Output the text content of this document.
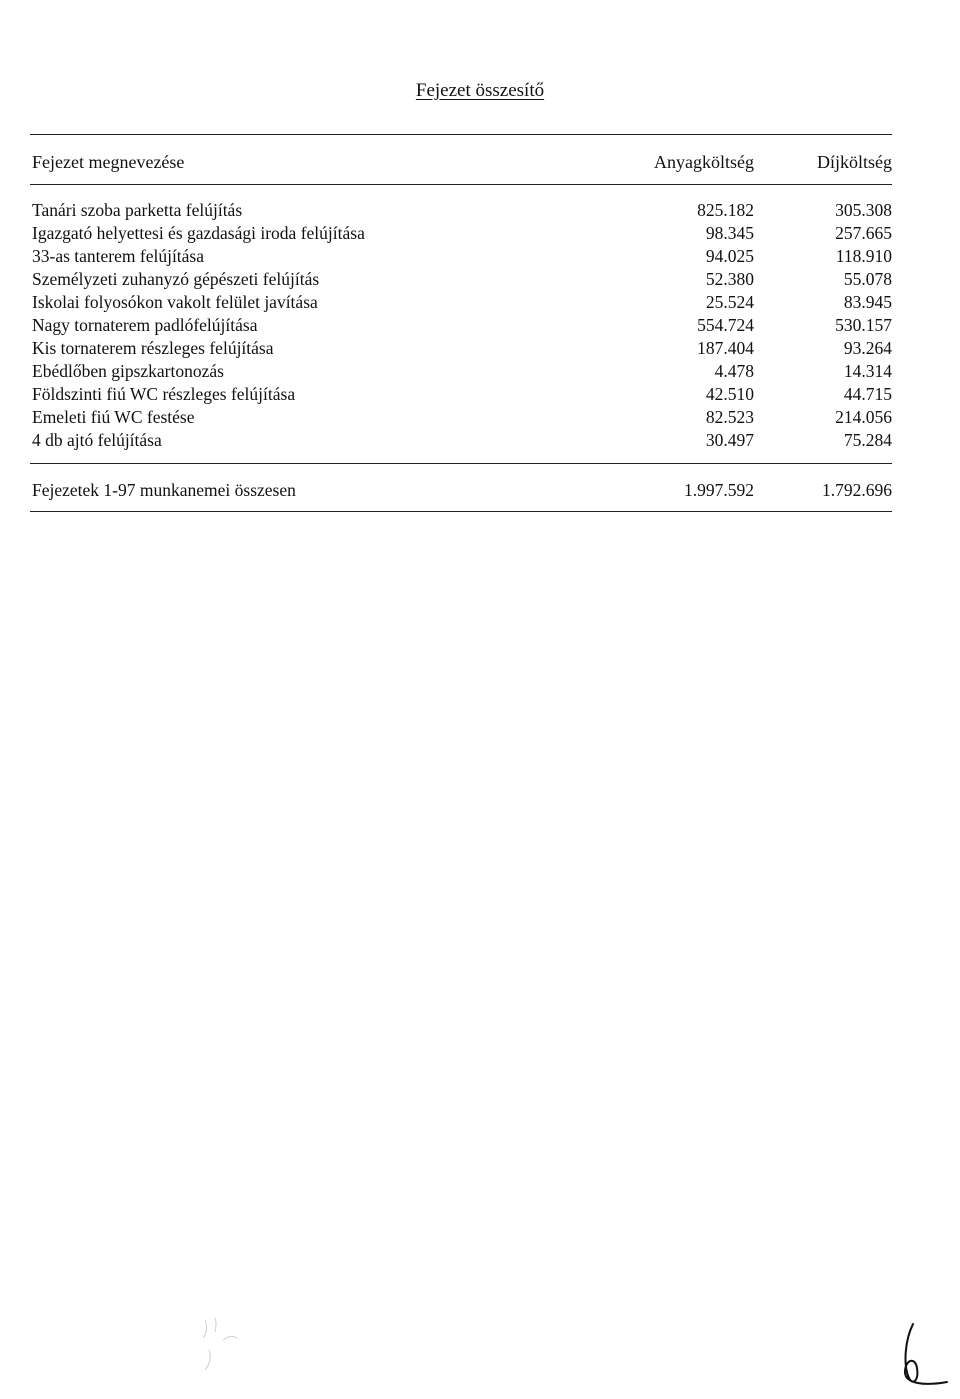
Fejezet összesítő
Fejezet megnevezése	Anyagköltség	Díjköltség
Tanári szoba parketta felújítás	825.182	305.308
Igazgató helyettesi és gazdasági iroda felújítása	98.345	257.665
33-as tanterem felújítása	94.025	118.910
Személyzeti zuhanyzó gépészeti felújítás	52.380	55.078
Iskolai folyosókon vakolt felület javítása	25.524	83.945
Nagy tornaterem padlófelújítása	554.724	530.157
Kis tornaterem részleges felújítása	187.404	93.264
Ebédlőben gipszkartonozás	4.478	14.314
Földszinti fiú WC részleges felújítása	42.510	44.715
Emeleti fiú WC festése	82.523	214.056
4 db ajtó felújítása	30.497	75.284
Fejezetek 1-97 munkanemei összesen	1.997.592	1.792.696
